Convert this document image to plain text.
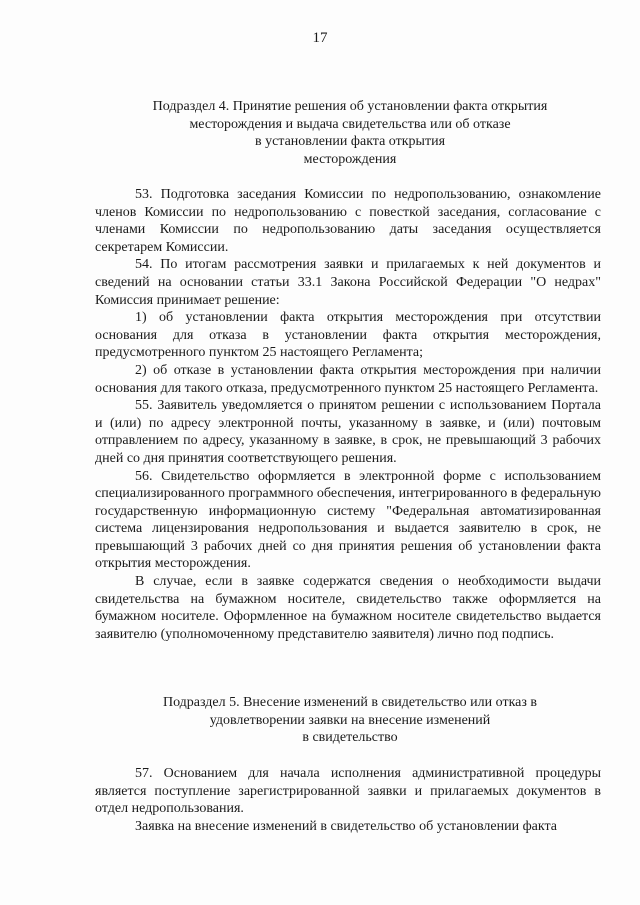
17
Подраздел 4. Принятие решения об установлении факта открытия
месторождения и выдача свидетельства или об отказе
в установлении факта открытия
месторождения

53. Подготовка заседания Комиссии по недропользованию, ознакомление членов Комиссии по недропользованию с повесткой заседания, согласование с членами Комиссии по недропользованию даты заседания осуществляется секретарем Комиссии.

54. По итогам рассмотрения заявки и прилагаемых к ней документов и сведений на основании статьи 33.1 Закона Российской Федерации "О недрах" Комиссия принимает решение:

1) об установлении факта открытия месторождения при отсутствии основания для отказа в установлении факта открытия месторождения, предусмотренного пунктом 25 настоящего Регламента;

2) об отказе в установлении факта открытия месторождения при наличии основания для такого отказа, предусмотренного пунктом 25 настоящего Регламента.

55. Заявитель уведомляется о принятом решении с использованием Портала и (или) по адресу электронной почты, указанному в заявке, и (или) почтовым отправлением по адресу, указанному в заявке, в срок, не превышающий 3 рабочих дней со дня принятия соответствующего решения.

56. Свидетельство оформляется в электронной форме с использованием специализированного программного обеспечения, интегрированного в федеральную государственную информационную систему "Федеральная автоматизированная система лицензирования недропользования и выдается заявителю в срок, не превышающий 3 рабочих дней со дня принятия решения об установлении факта открытия месторождения.

В случае, если в заявке содержатся сведения о необходимости выдачи свидетельства на бумажном носителе, свидетельство также оформляется на бумажном носителе. Оформленное на бумажном носителе свидетельство выдается заявителю (уполномоченному представителю заявителя) лично под подпись.

Подраздел 5. Внесение изменений в свидетельство или отказ в
удовлетворении заявки на внесение изменений
в свидетельство

57. Основанием для начала исполнения административной процедуры является поступление зарегистрированной заявки и прилагаемых документов в отдел недропользования.

Заявка на внесение изменений в свидетельство об установлении факта
